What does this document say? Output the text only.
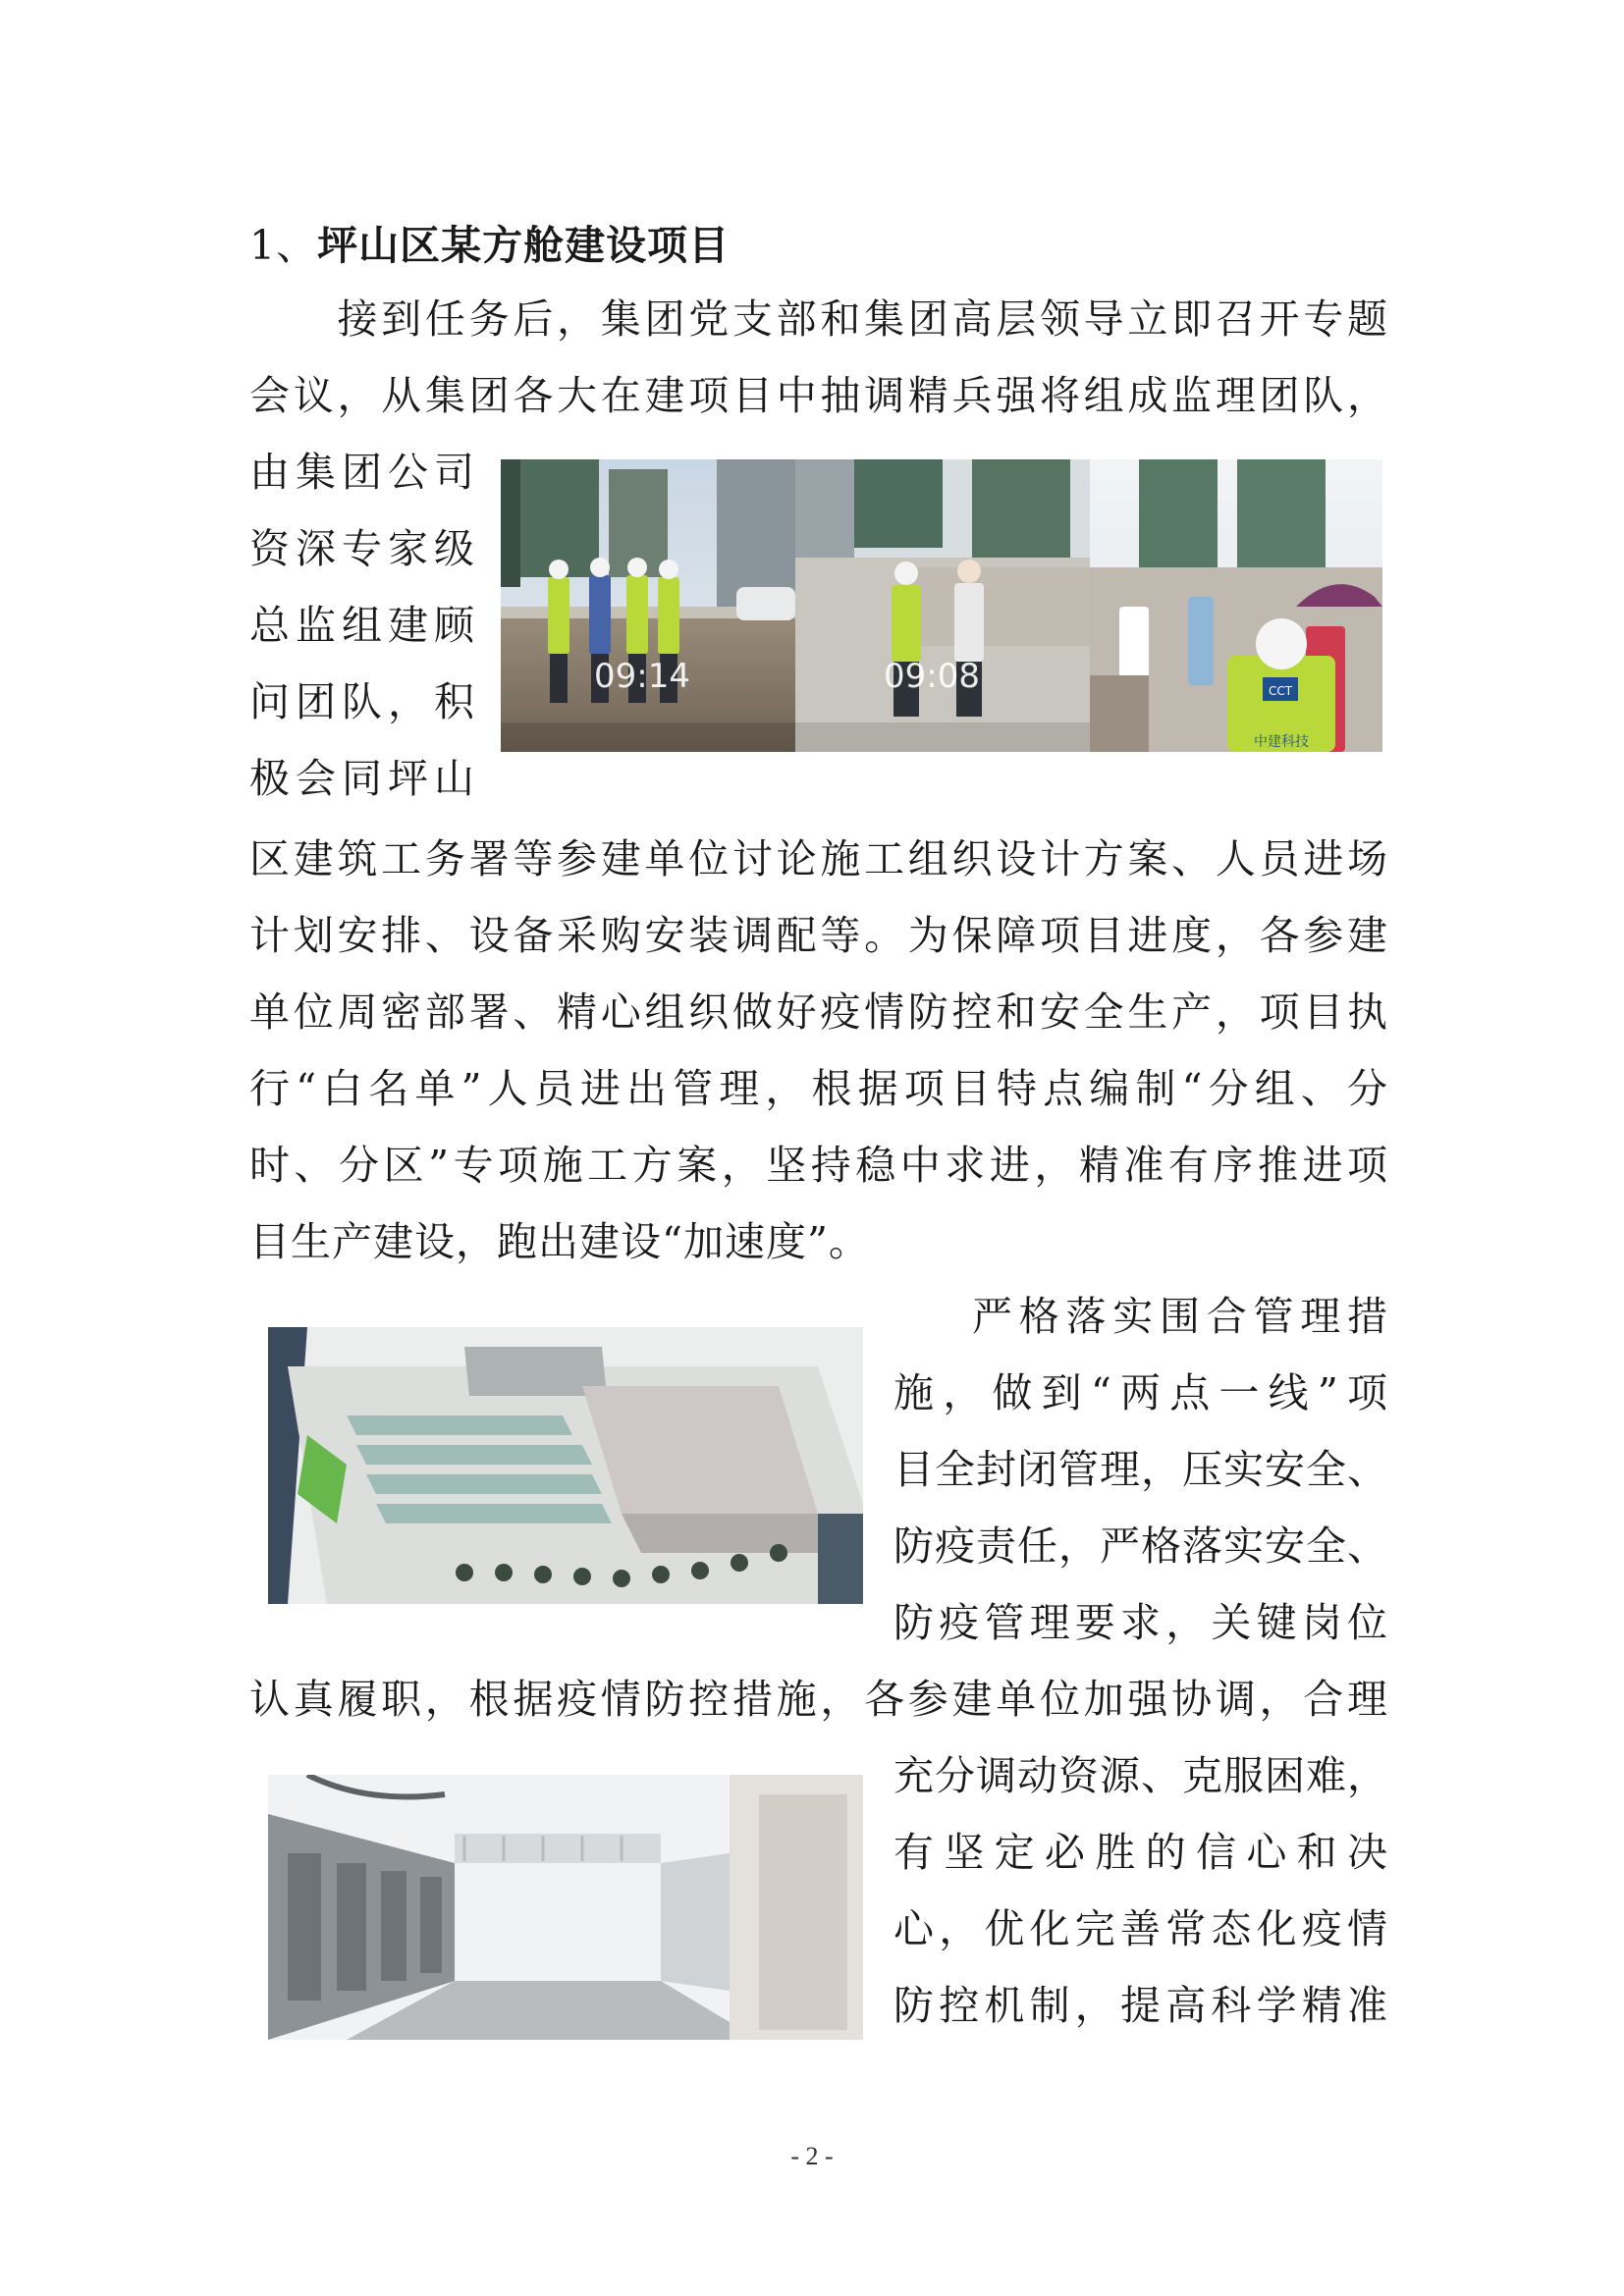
1、坪山区某方舱建设项目
　　接到任务后，集团党支部和集团高层领导立即召开专题
会议，从集团各大在建项目中抽调精兵强将组成监理团队，
由集团公司
资深专家级
总监组建顾
问团队，积
极会同坪山
区建筑工务署等参建单位讨论施工组织设计方案、人员进场
计划安排、设备采购安装调配等。为保障项目进度，各参建
单位周密部署、精心组织做好疫情防控和安全生产，项目执
行“白名单”人员进出管理，根据项目特点编制“分组、分
时、分区”专项施工方案，坚持稳中求进，精准有序推进项
目生产建设，跑出建设“加速度”。
严格落实围合管理措
施，做到“两点一线”项
目全封闭管理，压实安全、
防疫责任，严格落实安全、
防疫管理要求，关键岗位
认真履职，根据疫情防控措施，各参建单位加强协调，合理
充分调动资源、克服困难，
有坚定必胜的信心和决
心，优化完善常态化疫情
防控机制，提高科学精准
09:14	09:08	CCT
中建科技
- 2 -
